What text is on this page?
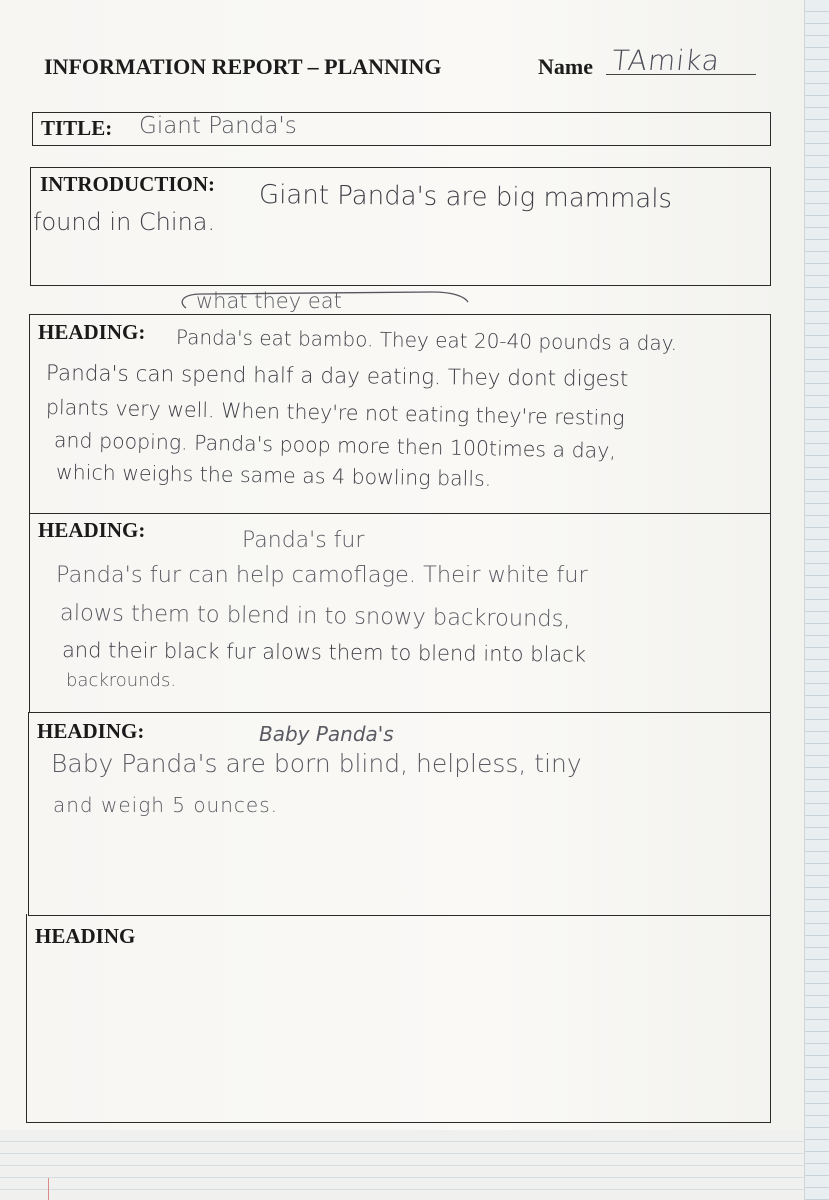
INFORMATION REPORT – PLANNING	Name TAmika
TITLE: Giant Panda's
INTRODUCTION: Giant Panda's are big mammals
found in China.
what they eat
HEADING: Panda's eat bambo. They eat 20-40 pounds a day.
Panda's can spend half a day eating. They dont digest
plants very well. When they're not eating they're resting
and pooping. Panda's poop more then 100times a day,
which weighs the same as 4 bowling balls.
HEADING:	Panda's fur
Panda's fur can help camoflage. Their white fur
alows them to blend in to snowy backrounds,
and their black fur alows them to blend into black
backrounds.
HEADING:	Baby Panda's
Baby Panda's are born blind, helpless, tiny
and weigh 5 ounces.
HEADING
